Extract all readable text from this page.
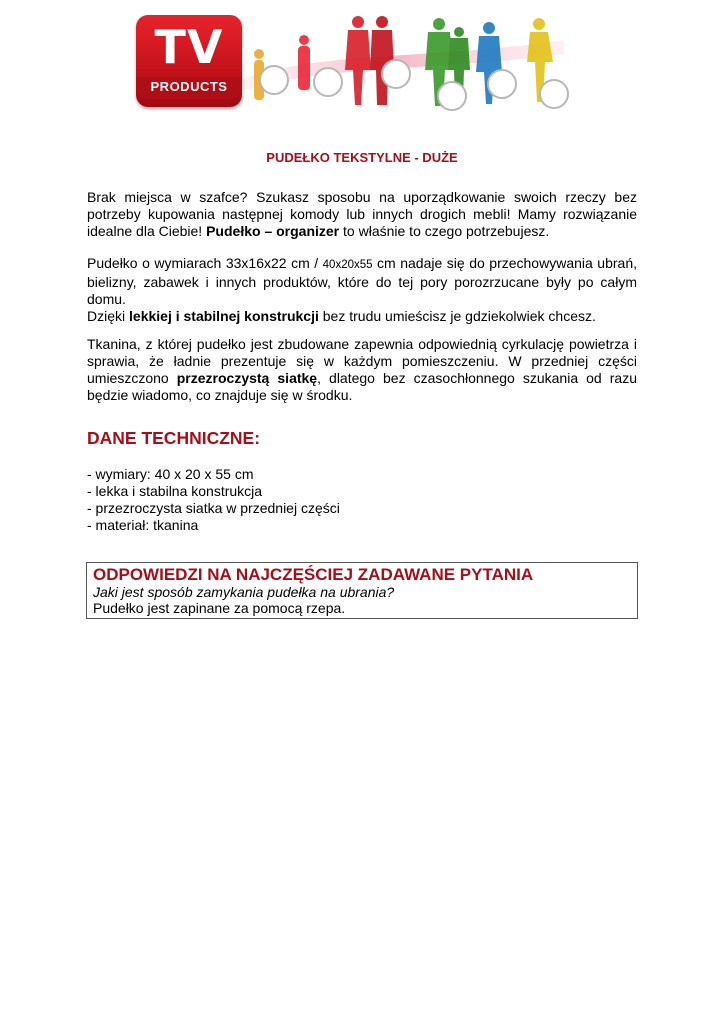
TV
PRODUCTS
PUDEŁKO TEKSTYLNE - DUŻE
Brak miejsca w szafce? Szukasz sposobu na uporządkowanie swoich rzeczy bez potrzeby kupowania następnej komody lub innych drogich mebli! Mamy rozwiązanie idealne dla Ciebie! Pudełko – organizer to właśnie to czego potrzebujesz.
Pudełko o wymiarach 33x16x22 cm / 40x20x55 cm nadaje się do przechowywania ubrań, bielizny, zabawek i innych produktów, które do tej pory porozrzucane były po całym domu.
Dzięki lekkiej i stabilnej konstrukcji bez trudu umieścisz je gdziekolwiek chcesz.
Tkanina, z której pudełko jest zbudowane zapewnia odpowiednią cyrkulację powietrza i sprawia, że ładnie prezentuje się w każdym pomieszczeniu. W przedniej części umieszczono przezroczystą siatkę, dlatego bez czasochłonnego szukania od razu będzie wiadomo, co znajduje się w środku.
DANE TECHNICZNE:
- wymiary: 40 x 20 x 55 cm
- lekka i stabilna konstrukcja
- przezroczysta siatka w przedniej części
- materiał: tkanina
ODPOWIEDZI NA NAJCZĘŚCIEJ ZADAWANE PYTANIA
Jaki jest sposób zamykania pudełka na ubrania?
Pudełko jest zapinane za pomocą rzepa.
